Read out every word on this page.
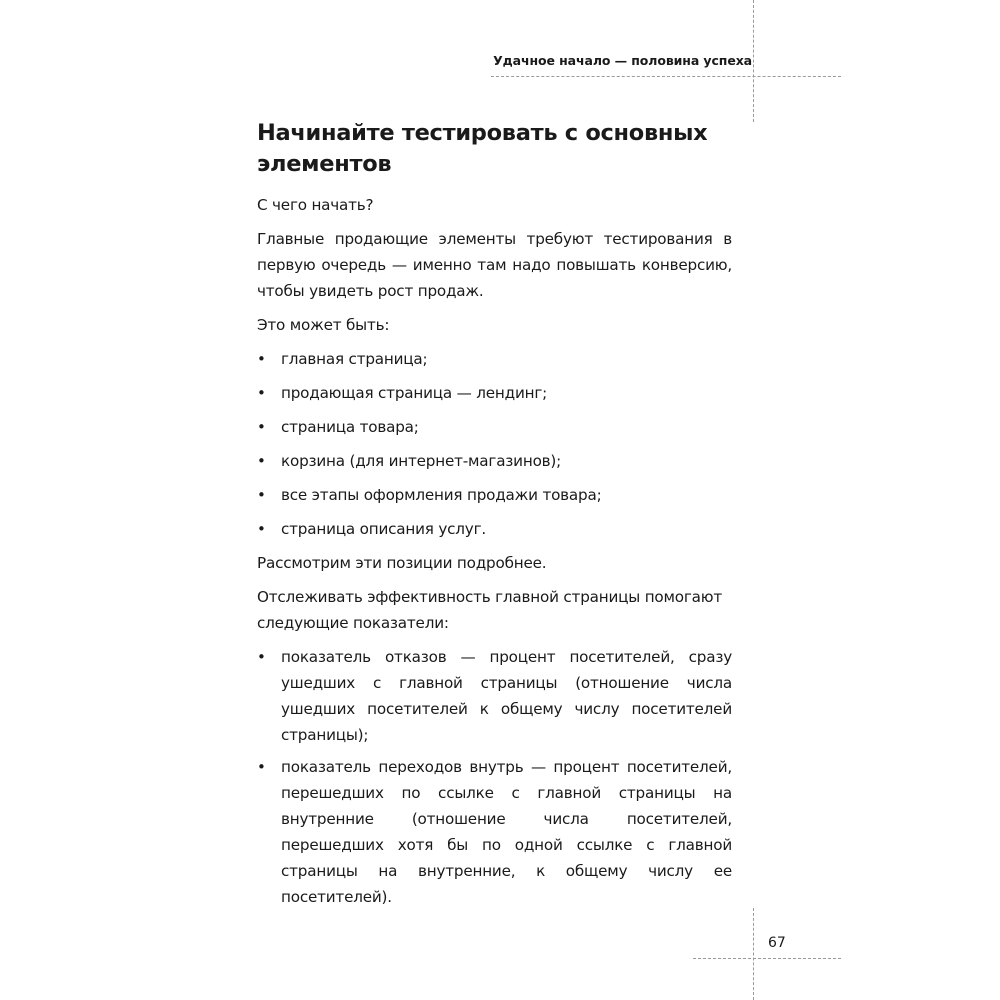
Удачное начало — половина успеха
Начинайте тестировать с основных элементов

С чего начать?

Главные продающие элементы требуют тестирования в первую очередь — именно там надо повышать конверсию, чтобы увидеть рост продаж.

Это может быть:

• главная страница;
• продающая страница — лендинг;
• страница товара;
• корзина (для интернет-магазинов);
• все этапы оформления продажи товара;
• страница описания услуг.

Рассмотрим эти позиции подробнее.

Отслеживать эффективность главной страницы помогают следующие показатели:

• показатель отказов — процент посетителей, сразу ушедших с главной страницы (отношение числа ушедших посетителей к общему числу посетителей страницы);
• показатель переходов внутрь — процент посетителей, перешедших по ссылке с главной страницы на внутренние (отношение числа посетителей, перешедших хотя бы по одной ссылке с главной страницы на внутренние, к общему числу ее посетителей).
67
